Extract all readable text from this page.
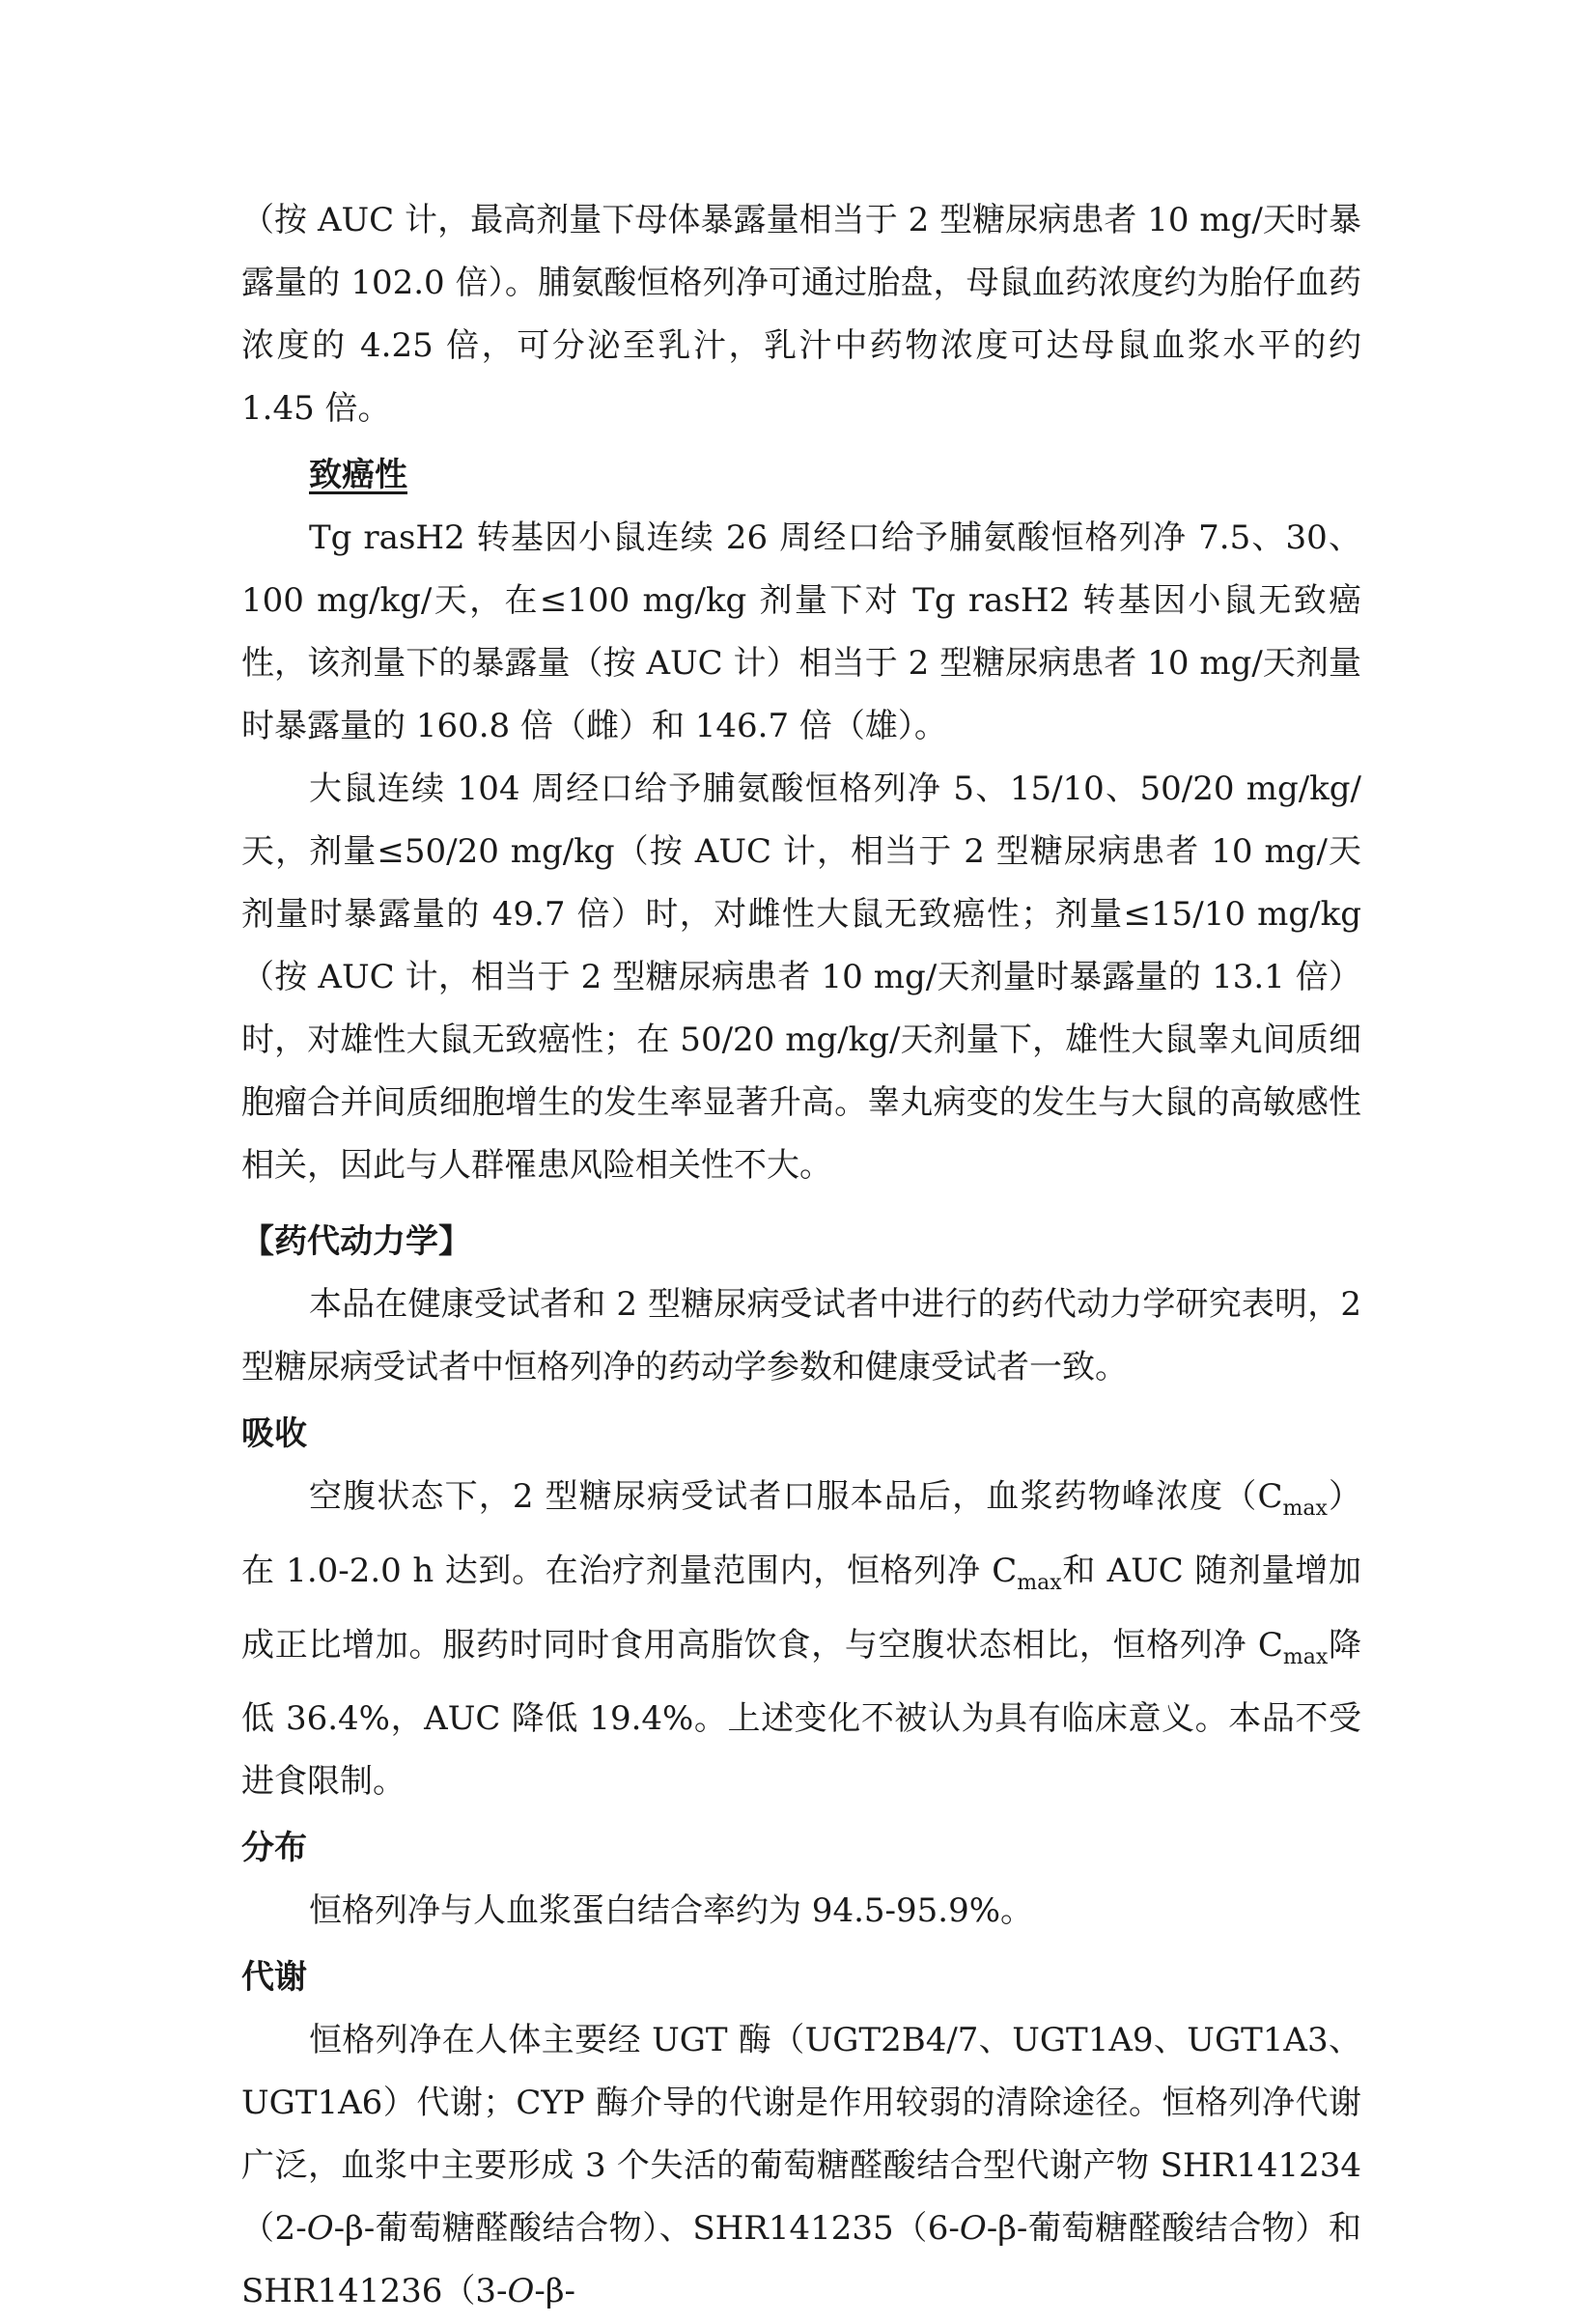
（按 AUC 计，最高剂量下母体暴露量相当于 2 型糖尿病患者 10 mg/天时暴露量的 102.0 倍）。脯氨酸恒格列净可通过胎盘，母鼠血药浓度约为胎仔血药浓度的 4.25 倍，可分泌至乳汁，乳汁中药物浓度可达母鼠血浆水平的约 1.45 倍。

致癌性

Tg rasH2 转基因小鼠连续 26 周经口给予脯氨酸恒格列净 7.5、30、100 mg/kg/天，在≤100 mg/kg 剂量下对 Tg rasH2 转基因小鼠无致癌性，该剂量下的暴露量（按 AUC 计）相当于 2 型糖尿病患者 10 mg/天剂量时暴露量的 160.8 倍（雌）和 146.7 倍（雄）。

大鼠连续 104 周经口给予脯氨酸恒格列净 5、15/10、50/20 mg/kg/天，剂量≤50/20 mg/kg（按 AUC 计，相当于 2 型糖尿病患者 10 mg/天剂量时暴露量的 49.7 倍）时，对雌性大鼠无致癌性；剂量≤15/10 mg/kg（按 AUC 计，相当于 2 型糖尿病患者 10 mg/天剂量时暴露量的 13.1 倍）时，对雄性大鼠无致癌性；在 50/20 mg/kg/天剂量下，雄性大鼠睾丸间质细胞瘤合并间质细胞增生的发生率显著升高。睾丸病变的发生与大鼠的高敏感性相关，因此与人群罹患风险相关性不大。

【药代动力学】

本品在健康受试者和 2 型糖尿病受试者中进行的药代动力学研究表明，2 型糖尿病受试者中恒格列净的药动学参数和健康受试者一致。

吸收

空腹状态下，2 型糖尿病受试者口服本品后，血浆药物峰浓度$(C_{max})$在 1.0-2.0 h 达到。在治疗剂量范围内，恒格列净 $C_{max}$和 AUC 随剂量增加成正比增加。服药时同时食用高脂饮食，与空腹状态相比，恒格列净 $C_{max}$降低 36.4%，AUC 降低 19.4%。上述变化不被认为具有临床意义。本品不受进食限制。

分布

恒格列净与人血浆蛋白结合率约为 94.5-95.9%。

代谢

恒格列净在人体主要经 UGT 酶（UGT2B4/7、UGT1A9、UGT1A3、UGT1A6）代谢；CYP 酶介导的代谢是作用较弱的清除途径。恒格列净代谢广泛，血浆中主要形成 3 个失活的葡萄糖醛酸结合型代谢产物 SHR141234（2-O-β-葡萄糖醛酸结合物）、SHR141235（6-O-β-葡萄糖醛酸结合物）和 SHR141236（3-O-β-
